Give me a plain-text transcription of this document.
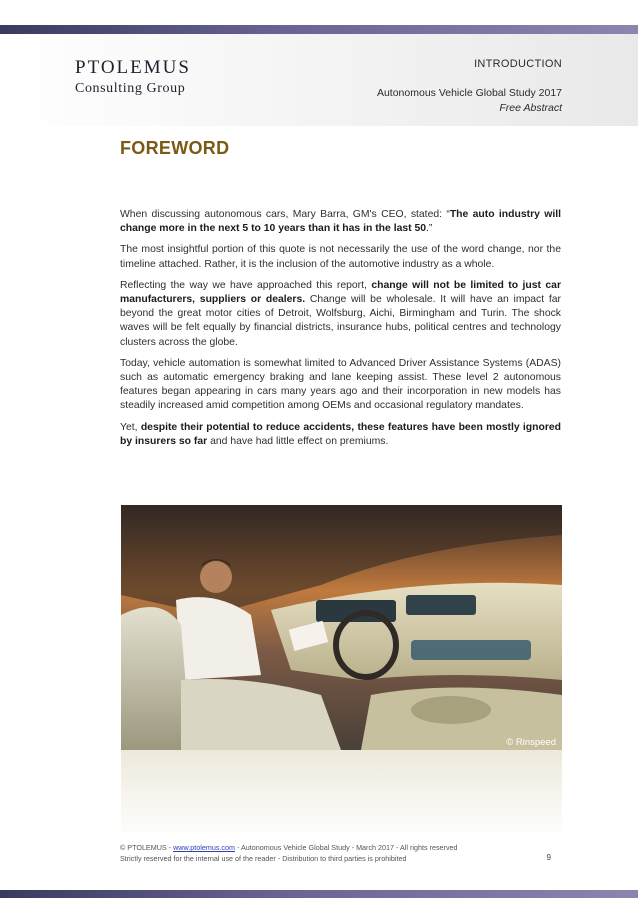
PTOLEMUS
Consulting Group
INTRODUCTION
Autonomous Vehicle Global Study 2017
Free Abstract
FOREWORD

When discussing autonomous cars, Mary Barra, GM's CEO, stated: “The auto industry will change more in the next 5 to 10 years than it has in the last 50.”

The most insightful portion of this quote is not necessarily the use of the word change, nor the timeline attached. Rather, it is the inclusion of the automotive industry as a whole.

Reflecting the way we have approached this report, change will not be limited to just car manufacturers, suppliers or dealers. Change will be wholesale. It will have an impact far beyond the great motor cities of Detroit, Wolfsburg, Aichi, Birmingham and Turin. The shock waves will be felt equally by financial districts, insurance hubs, political centres and technology clusters across the globe.

Today, vehicle automation is somewhat limited to Advanced Driver Assistance Systems (ADAS) such as automatic emergency braking and lane keeping assist. These level 2 autonomous features began appearing in cars many years ago and their incorporation in new models has steadily increased amid competition among OEMs and occasional regulatory mandates.

Yet, despite their potential to reduce accidents, these features have been mostly ignored by insurers so far and have had little effect on premiums.

© Rinspeed
© PTOLEMUS - www.ptolemus.com - Autonomous Vehicle Global Study - March 2017 - All rights reserved
Strictly reserved for the internal use of the reader - Distribution to third parties is prohibited	9
